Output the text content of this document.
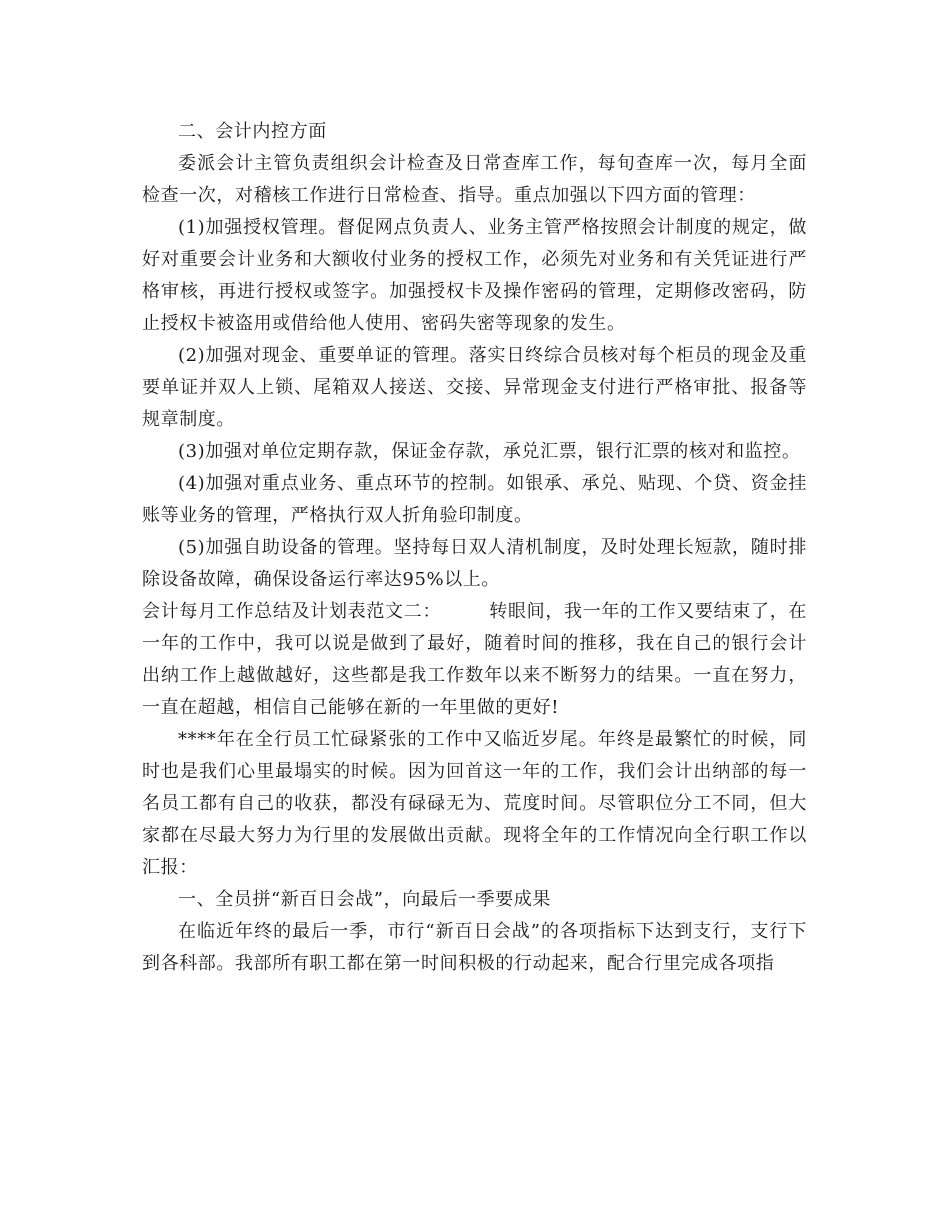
二、会计内控方面

委派会计主管负责组织会计检查及日常查库工作，每旬查库一次，每月全面检查一次，对稽核工作进行日常检查、指导。重点加强以下四方面的管理：

(1)加强授权管理。督促网点负责人、业务主管严格按照会计制度的规定，做好对重要会计业务和大额收付业务的授权工作，必须先对业务和有关凭证进行严格审核，再进行授权或签字。加强授权卡及操作密码的管理，定期修改密码，防止授权卡被盗用或借给他人使用、密码失密等现象的发生。

(2)加强对现金、重要单证的管理。落实日终综合员核对每个柜员的现金及重要单证并双人上锁、尾箱双人接送、交接、异常现金支付进行严格审批、报备等规章制度。

(3)加强对单位定期存款，保证金存款，承兑汇票，银行汇票的核对和监控。

(4)加强对重点业务、重点环节的控制。如银承、承兑、贴现、个贷、资金挂账等业务的管理，严格执行双人折角验印制度。

(5)加强自助设备的管理。坚持每日双人清机制度，及时处理长短款，随时排除设备故障，确保设备运行率达95%以上。

会计每月工作总结及计划表范文二：	转眼间，我一年的工作又要结束了，在一年的工作中，我可以说是做到了最好，随着时间的推移，我在自己的银行会计出纳工作上越做越好，这些都是我工作数年以来不断努力的结果。一直在努力，一直在超越，相信自己能够在新的一年里做的更好!

****年在全行员工忙碌紧张的工作中又临近岁尾。年终是最繁忙的时候，同时也是我们心里最塌实的时候。因为回首这一年的工作，我们会计出纳部的每一名员工都有自己的收获，都没有碌碌无为、荒度时间。尽管职位分工不同，但大家都在尽最大努力为行里的发展做出贡献。现将全年的工作情况向全行职工作以汇报：

一、全员拼“新百日会战”，向最后一季要成果

在临近年终的最后一季，市行“新百日会战”的各项指标下达到支行，支行下到各科部。我部所有职工都在第一时间积极的行动起来，配合行里完成各项指
